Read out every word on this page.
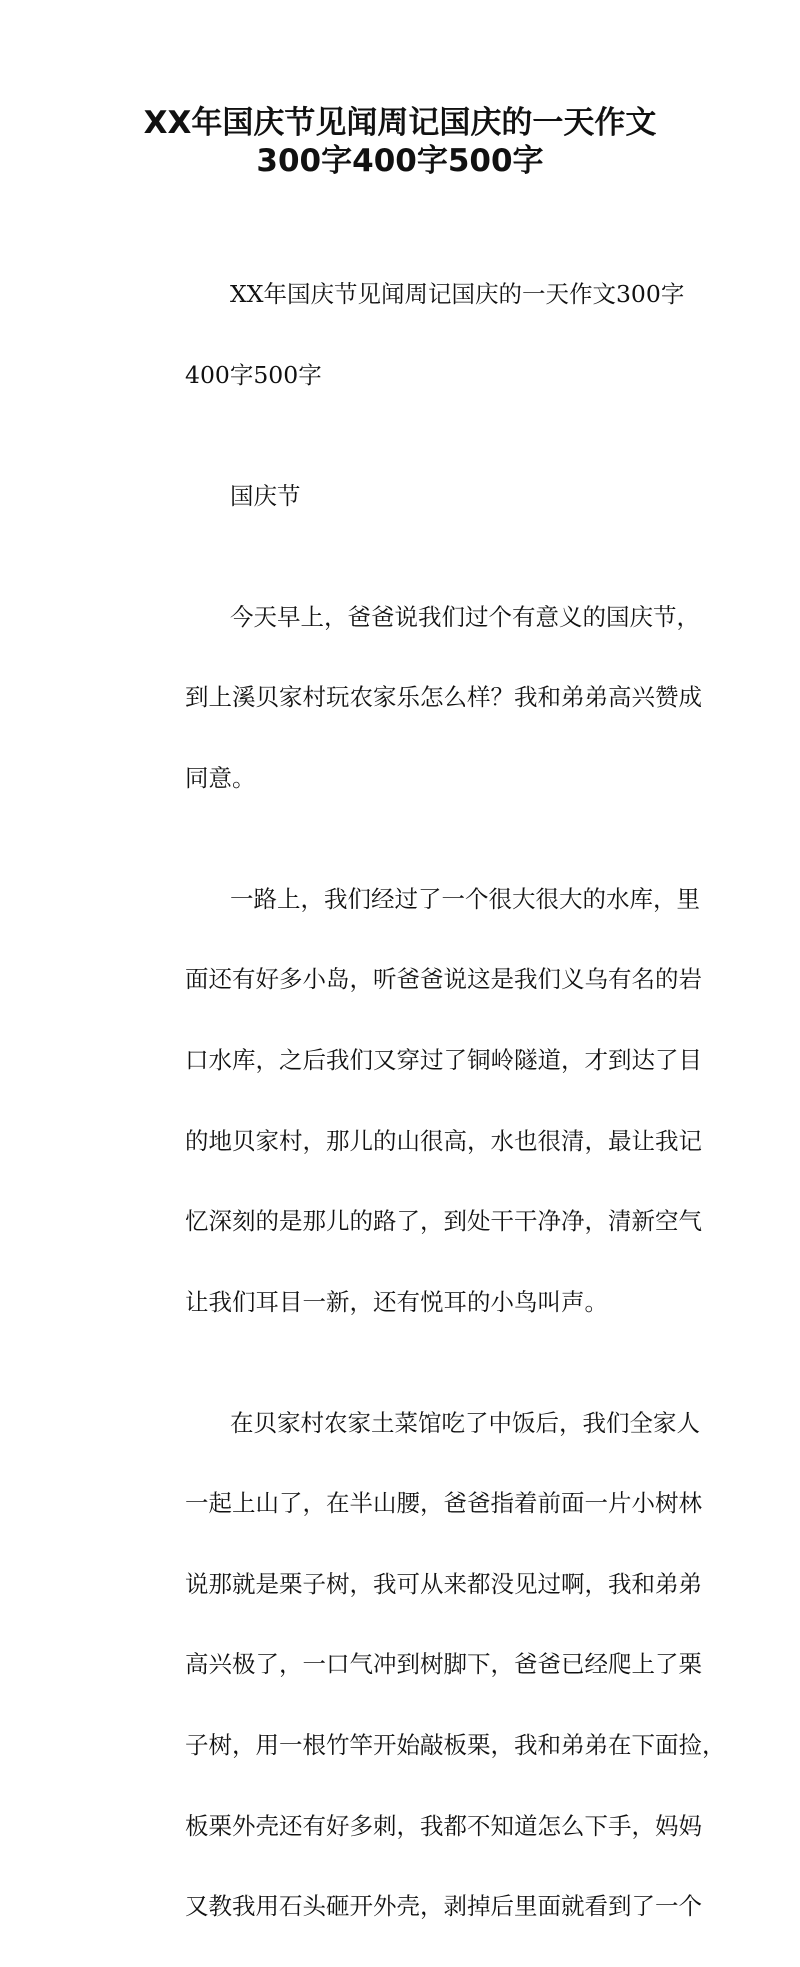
XX年国庆节见闻周记国庆的一天作文
300字400字500字

XX年国庆节见闻周记国庆的一天作文300字

400字500字

国庆节

今天早上，爸爸说我们过个有意义的国庆节，

到上溪贝家村玩农家乐怎么样？我和弟弟高兴赞成

同意。

一路上，我们经过了一个很大很大的水库，里

面还有好多小岛，听爸爸说这是我们义乌有名的岩

口水库，之后我们又穿过了铜岭隧道，才到达了目

的地贝家村，那儿的山很高，水也很清，最让我记

忆深刻的是那儿的路了，到处干干净净，清新空气

让我们耳目一新，还有悦耳的小鸟叫声。

在贝家村农家土菜馆吃了中饭后，我们全家人

一起上山了，在半山腰，爸爸指着前面一片小树林

说那就是栗子树，我可从来都没见过啊，我和弟弟

高兴极了，一口气冲到树脚下，爸爸已经爬上了栗

子树，用一根竹竿开始敲板栗，我和弟弟在下面捡，

板栗外壳还有好多刺，我都不知道怎么下手，妈妈

又教我用石头砸开外壳，剥掉后里面就看到了一个
